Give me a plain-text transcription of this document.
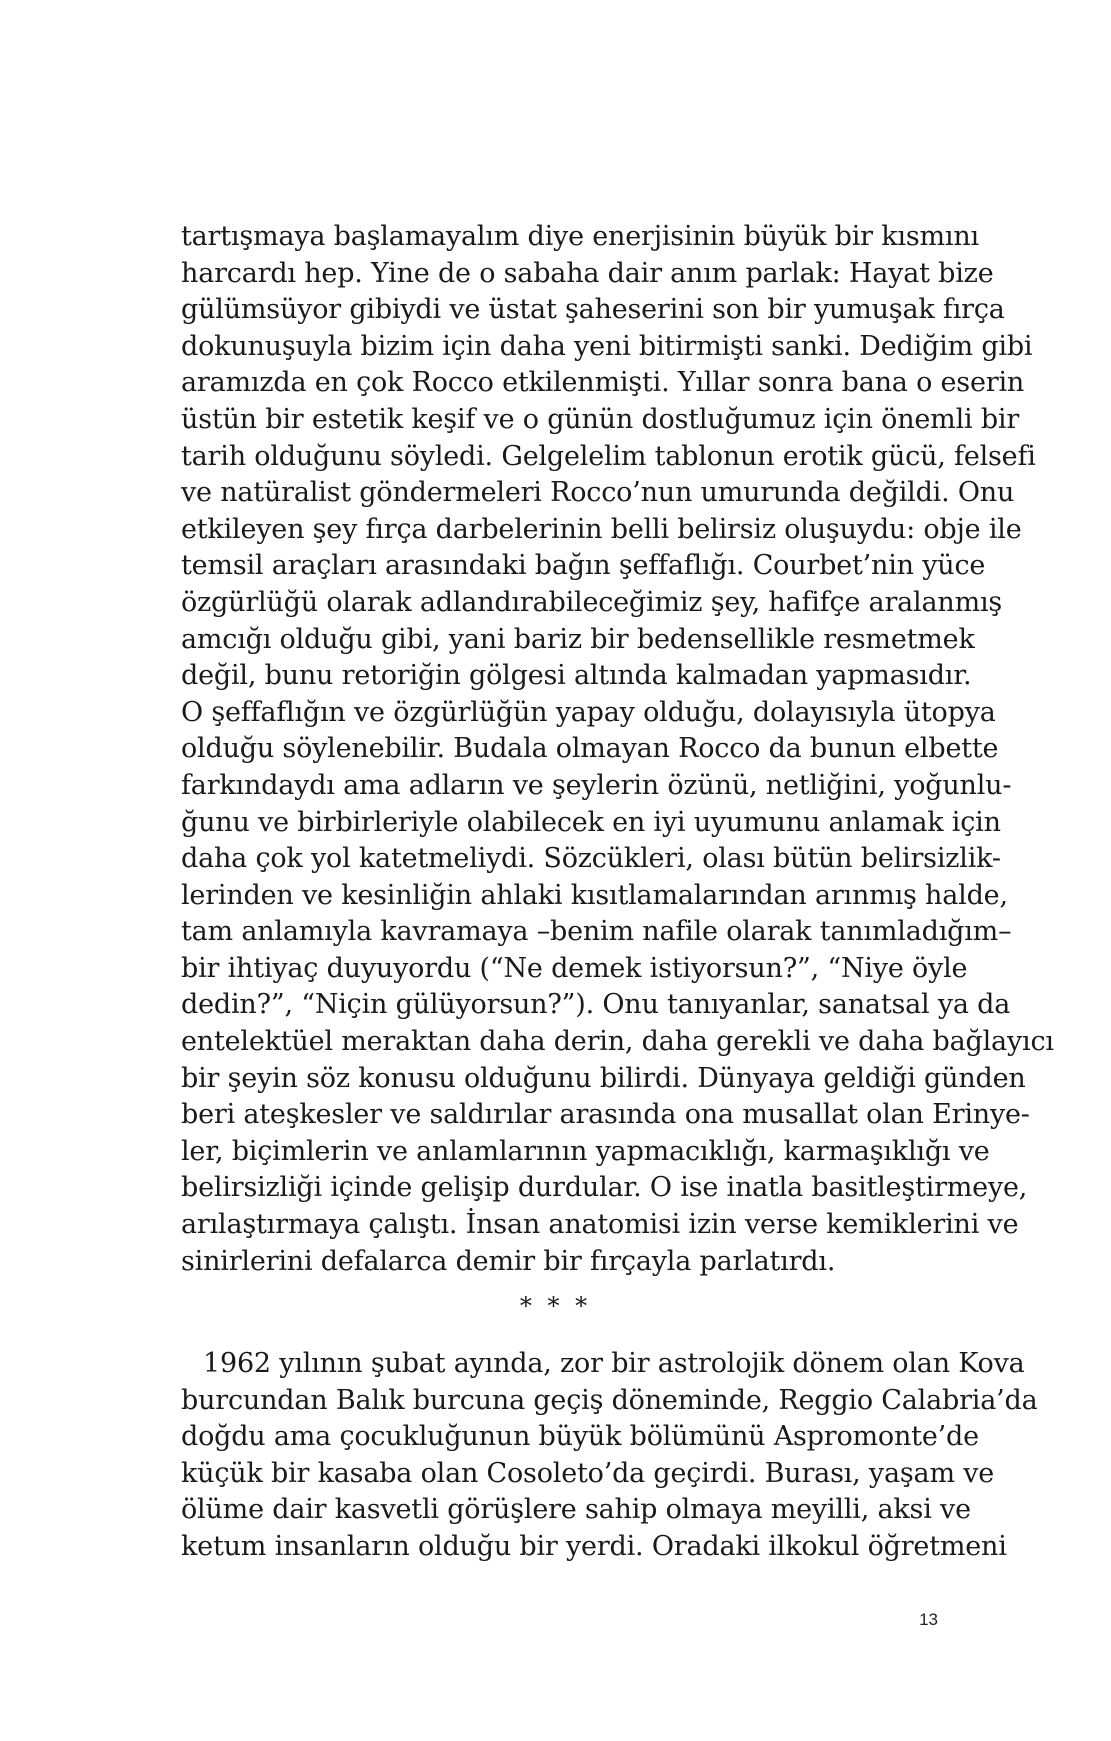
tartışmaya başlamayalım diye enerjisinin büyük bir kısmını
harcardı hep. Yine de o sabaha dair anım parlak: Hayat bize
gülümsüyor gibiydi ve üstat şaheserini son bir yumuşak fırça
dokunuşuyla bizim için daha yeni bitirmişti sanki. Dediğim gibi
aramızda en çok Rocco etkilenmişti. Yıllar sonra bana o eserin
üstün bir estetik keşif ve o günün dostluğumuz için önemli bir
tarih olduğunu söyledi. Gelgelelim tablonun erotik gücü, felsefi
ve natüralist göndermeleri Rocco’nun umurunda değildi. Onu
etkileyen şey fırça darbelerinin belli belirsiz oluşuydu: obje ile
temsil araçları arasındaki bağın şeffaflığı. Courbet’nin yüce
özgürlüğü olarak adlandırabileceğimiz şey, hafifçe aralanmış
amcığı olduğu gibi, yani bariz bir bedensellikle resmetmek
değil, bunu retoriğin gölgesi altında kalmadan yapmasıdır.
O şeffaflığın ve özgürlüğün yapay olduğu, dolayısıyla ütopya
olduğu söylenebilir. Budala olmayan Rocco da bunun elbette
farkındaydı ama adların ve şeylerin özünü, netliğini, yoğunlu-
ğunu ve birbirleriyle olabilecek en iyi uyumunu anlamak için
daha çok yol katetmeliydi. Sözcükleri, olası bütün belirsizlik-
lerinden ve kesinliğin ahlaki kısıtlamalarından arınmış halde,
tam anlamıyla kavramaya –benim nafile olarak tanımladığım–
bir ihtiyaç duyuyordu (“Ne demek istiyorsun?”, “Niye öyle
dedin?”, “Niçin gülüyorsun?”). Onu tanıyanlar, sanatsal ya da
entelektüel meraktan daha derin, daha gerekli ve daha bağlayıcı
bir şeyin söz konusu olduğunu bilirdi. Dünyaya geldiği günden
beri ateşkesler ve saldırılar arasında ona musallat olan Erinye-
ler, biçimlerin ve anlamlarının yapmacıklığı, karmaşıklığı ve
belirsizliği içinde gelişip durdular. O ise inatla basitleştirmeye,
arılaştırmaya çalıştı. İnsan anatomisi izin verse kemiklerini ve
sinirlerini defalarca demir bir fırçayla parlatırdı.
* * *
1962 yılının şubat ayında, zor bir astrolojik dönem olan Kova
burcundan Balık burcuna geçiş döneminde, Reggio Calabria’da
doğdu ama çocukluğunun büyük bölümünü Aspromonte’de
küçük bir kasaba olan Cosoleto’da geçirdi. Burası, yaşam ve
ölüme dair kasvetli görüşlere sahip olmaya meyilli, aksi ve
ketum insanların olduğu bir yerdi. Oradaki ilkokul öğretmeni
13
